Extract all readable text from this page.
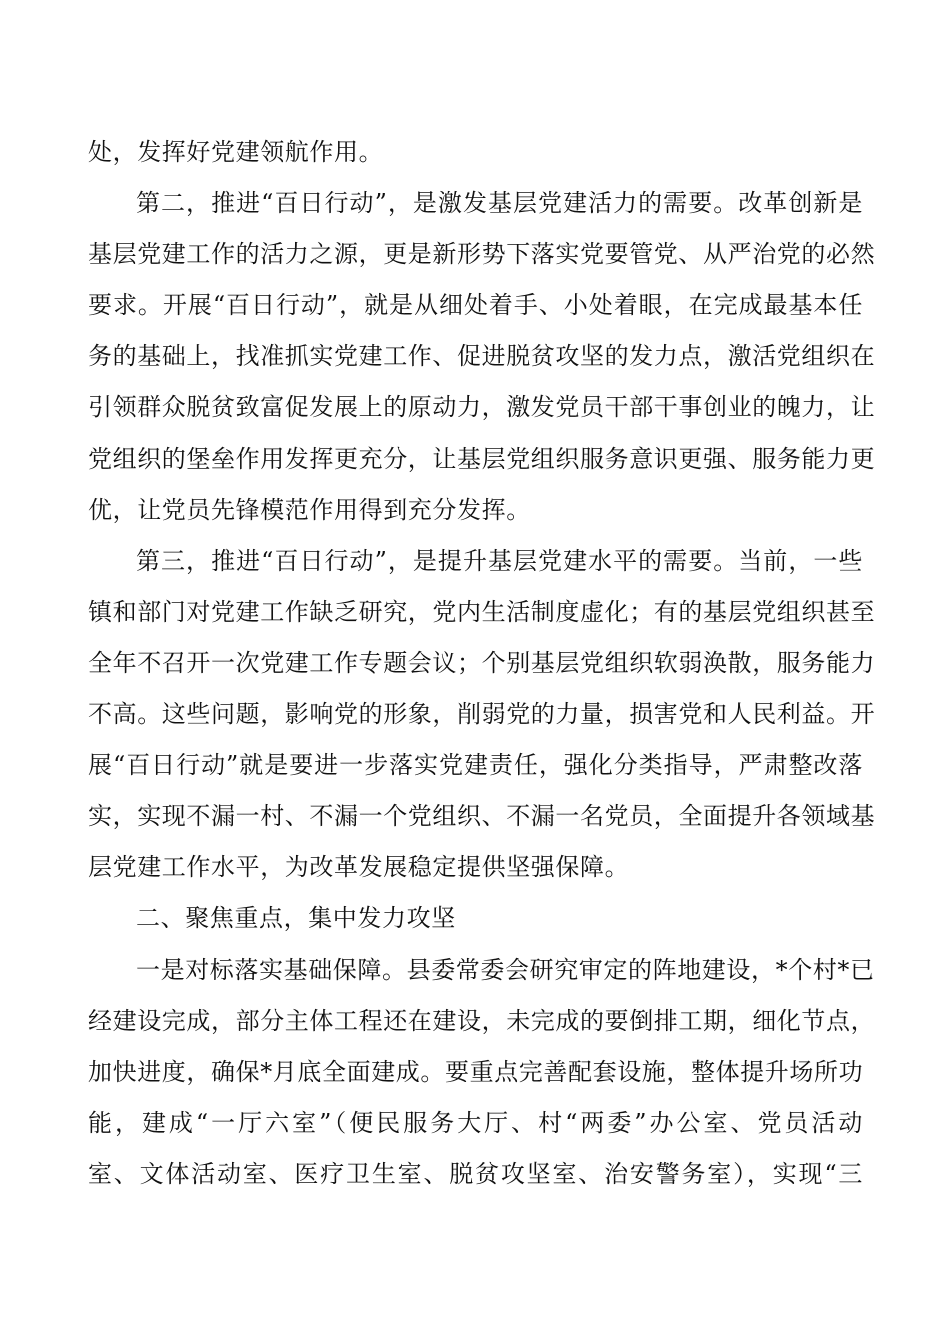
处，发挥好党建领航作用。
第二，推进“百日行动”，是激发基层党建活力的需要。改革创新是
基层党建工作的活力之源，更是新形势下落实党要管党、从严治党的必然
要求。开展“百日行动”，就是从细处着手、小处着眼，在完成最基本任
务的基础上，找准抓实党建工作、促进脱贫攻坚的发力点，激活党组织在
引领群众脱贫致富促发展上的原动力，激发党员干部干事创业的魄力，让
党组织的堡垒作用发挥更充分，让基层党组织服务意识更强、服务能力更
优，让党员先锋模范作用得到充分发挥。
第三，推进“百日行动”，是提升基层党建水平的需要。当前，一些
镇和部门对党建工作缺乏研究，党内生活制度虚化；有的基层党组织甚至
全年不召开一次党建工作专题会议；个别基层党组织软弱涣散，服务能力
不高。这些问题，影响党的形象，削弱党的力量，损害党和人民利益。开
展“百日行动”就是要进一步落实党建责任，强化分类指导，严肃整改落
实，实现不漏一村、不漏一个党组织、不漏一名党员，全面提升各领域基
层党建工作水平，为改革发展稳定提供坚强保障。
二、聚焦重点，集中发力攻坚
一是对标落实基础保障。县委常委会研究审定的阵地建设，*个村*已
经建设完成，部分主体工程还在建设，未完成的要倒排工期，细化节点，
加快进度，确保*月底全面建成。要重点完善配套设施，整体提升场所功
能，建成“一厅六室”（便民服务大厅、村“两委”办公室、党员活动
室、文体活动室、医疗卫生室、脱贫攻坚室、治安警务室），实现“三
